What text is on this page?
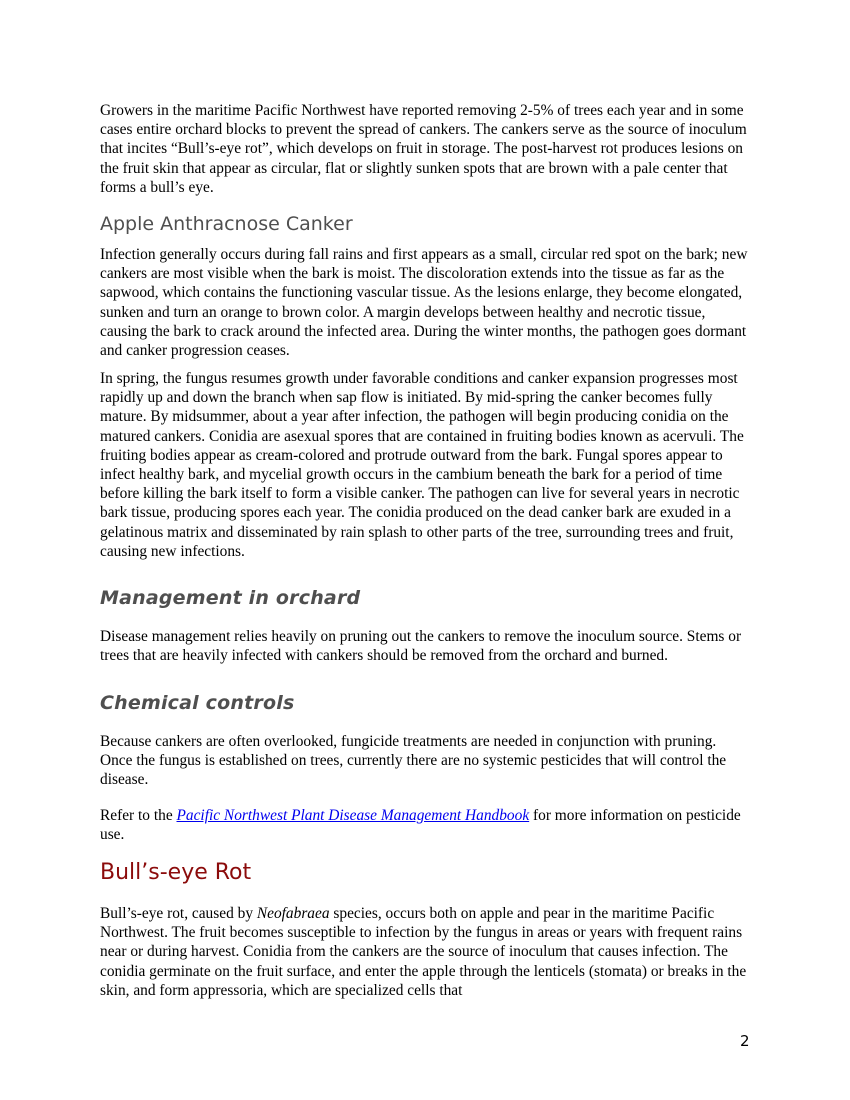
Growers in the maritime Pacific Northwest have reported removing 2-5% of trees each year and in some cases entire orchard blocks to prevent the spread of cankers. The cankers serve as the source of inoculum that incites “Bull’s-eye rot”, which develops on fruit in storage. The post-harvest rot produces lesions on the fruit skin that appear as circular, flat or slightly sunken spots that are brown with a pale center that forms a bull’s eye.

Apple Anthracnose Canker

Infection generally occurs during fall rains and first appears as a small, circular red spot on the bark; new cankers are most visible when the bark is moist. The discoloration extends into the tissue as far as the sapwood, which contains the functioning vascular tissue. As the lesions enlarge, they become elongated, sunken and turn an orange to brown color. A margin develops between healthy and necrotic tissue, causing the bark to crack around the infected area. During the winter months, the pathogen goes dormant and canker progression ceases.

In spring, the fungus resumes growth under favorable conditions and canker expansion progresses most rapidly up and down the branch when sap flow is initiated. By mid-spring the canker becomes fully mature. By midsummer, about a year after infection, the pathogen will begin producing conidia on the matured cankers. Conidia are asexual spores that are contained in fruiting bodies known as acervuli. The fruiting bodies appear as cream-colored and protrude outward from the bark. Fungal spores appear to infect healthy bark, and mycelial growth occurs in the cambium beneath the bark for a period of time before killing the bark itself to form a visible canker. The pathogen can live for several years in necrotic bark tissue, producing spores each year. The conidia produced on the dead canker bark are exuded in a gelatinous matrix and disseminated by rain splash to other parts of the tree, surrounding trees and fruit, causing new infections.

Management in orchard

Disease management relies heavily on pruning out the cankers to remove the inoculum source. Stems or trees that are heavily infected with cankers should be removed from the orchard and burned.

Chemical controls

Because cankers are often overlooked, fungicide treatments are needed in conjunction with pruning. Once the fungus is established on trees, currently there are no systemic pesticides that will control the disease.

Refer to the Pacific Northwest Plant Disease Management Handbook for more information on pesticide use.

Bull’s-eye Rot

Bull’s-eye rot, caused by Neofabraea species, occurs both on apple and pear in the maritime Pacific Northwest. The fruit becomes susceptible to infection by the fungus in areas or years with frequent rains near or during harvest. Conidia from the cankers are the source of inoculum that causes infection. The conidia germinate on the fruit surface, and enter the apple through the lenticels (stomata) or breaks in the skin, and form appressoria, which are specialized cells that

2
